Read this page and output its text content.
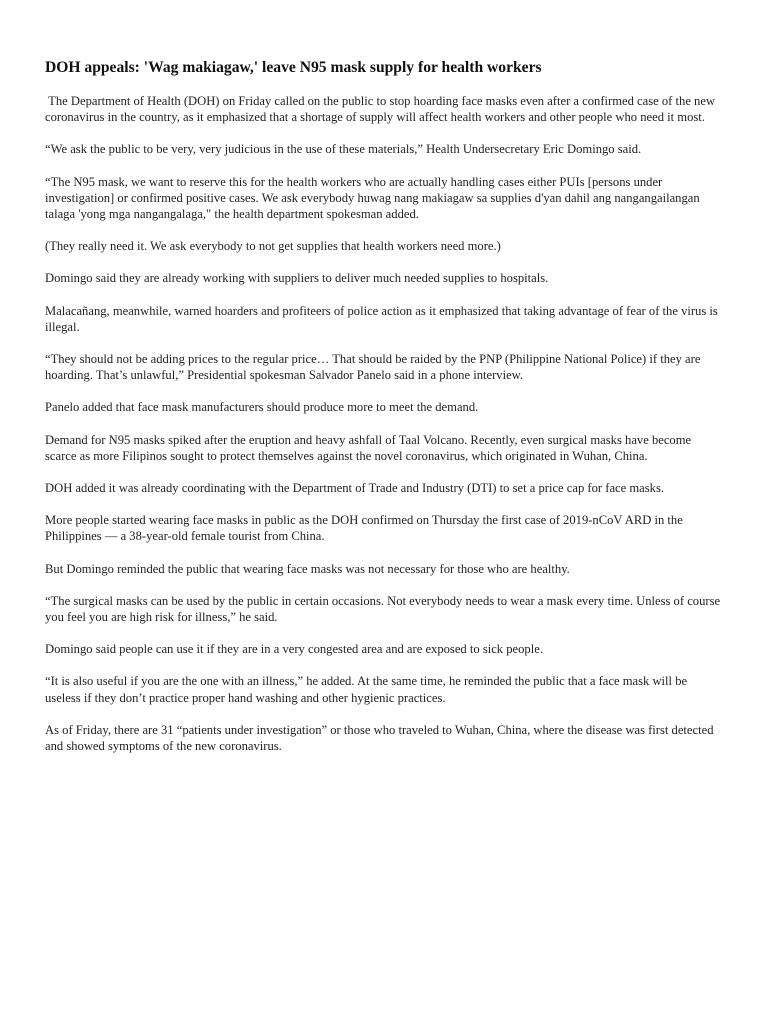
DOH appeals: 'Wag makiagaw,' leave N95 mask supply for health workers

The Department of Health (DOH) on Friday called on the public to stop hoarding face masks even after a confirmed case of the new coronavirus in the country, as it emphasized that a shortage of supply will affect health workers and other people who need it most.

“We ask the public to be very, very judicious in the use of these materials,” Health Undersecretary Eric Domingo said.

“The N95 mask, we want to reserve this for the health workers who are actually handling cases either PUIs [persons under investigation] or confirmed positive cases. We ask everybody huwag nang makiagaw sa supplies d'yan dahil ang nangangailangan talaga 'yong mga nangangalaga," the health department spokesman added.

(They really need it. We ask everybody to not get supplies that health workers need more.)

Domingo said they are already working with suppliers to deliver much needed supplies to hospitals.

Malacañang, meanwhile, warned hoarders and profiteers of police action as it emphasized that taking advantage of fear of the virus is illegal.

“They should not be adding prices to the regular price… That should be raided by the PNP (Philippine National Police) if they are hoarding. That’s unlawful,” Presidential spokesman Salvador Panelo said in a phone interview.

Panelo added that face mask manufacturers should produce more to meet the demand.

Demand for N95 masks spiked after the eruption and heavy ashfall of Taal Volcano. Recently, even surgical masks have become scarce as more Filipinos sought to protect themselves against the novel coronavirus, which originated in Wuhan, China.

DOH added it was already coordinating with the Department of Trade and Industry (DTI) to set a price cap for face masks.

More people started wearing face masks in public as the DOH confirmed on Thursday the first case of 2019-nCoV ARD in the Philippines — a 38-year-old female tourist from China.

But Domingo reminded the public that wearing face masks was not necessary for those who are healthy.

“The surgical masks can be used by the public in certain occasions. Not everybody needs to wear a mask every time. Unless of course you feel you are high risk for illness,” he said.

Domingo said people can use it if they are in a very congested area and are exposed to sick people.

“It is also useful if you are the one with an illness,” he added. At the same time, he reminded the public that a face mask will be useless if they don’t practice proper hand washing and other hygienic practices.

As of Friday, there are 31 “patients under investigation” or those who traveled to Wuhan, China, where the disease was first detected and showed symptoms of the new coronavirus.
